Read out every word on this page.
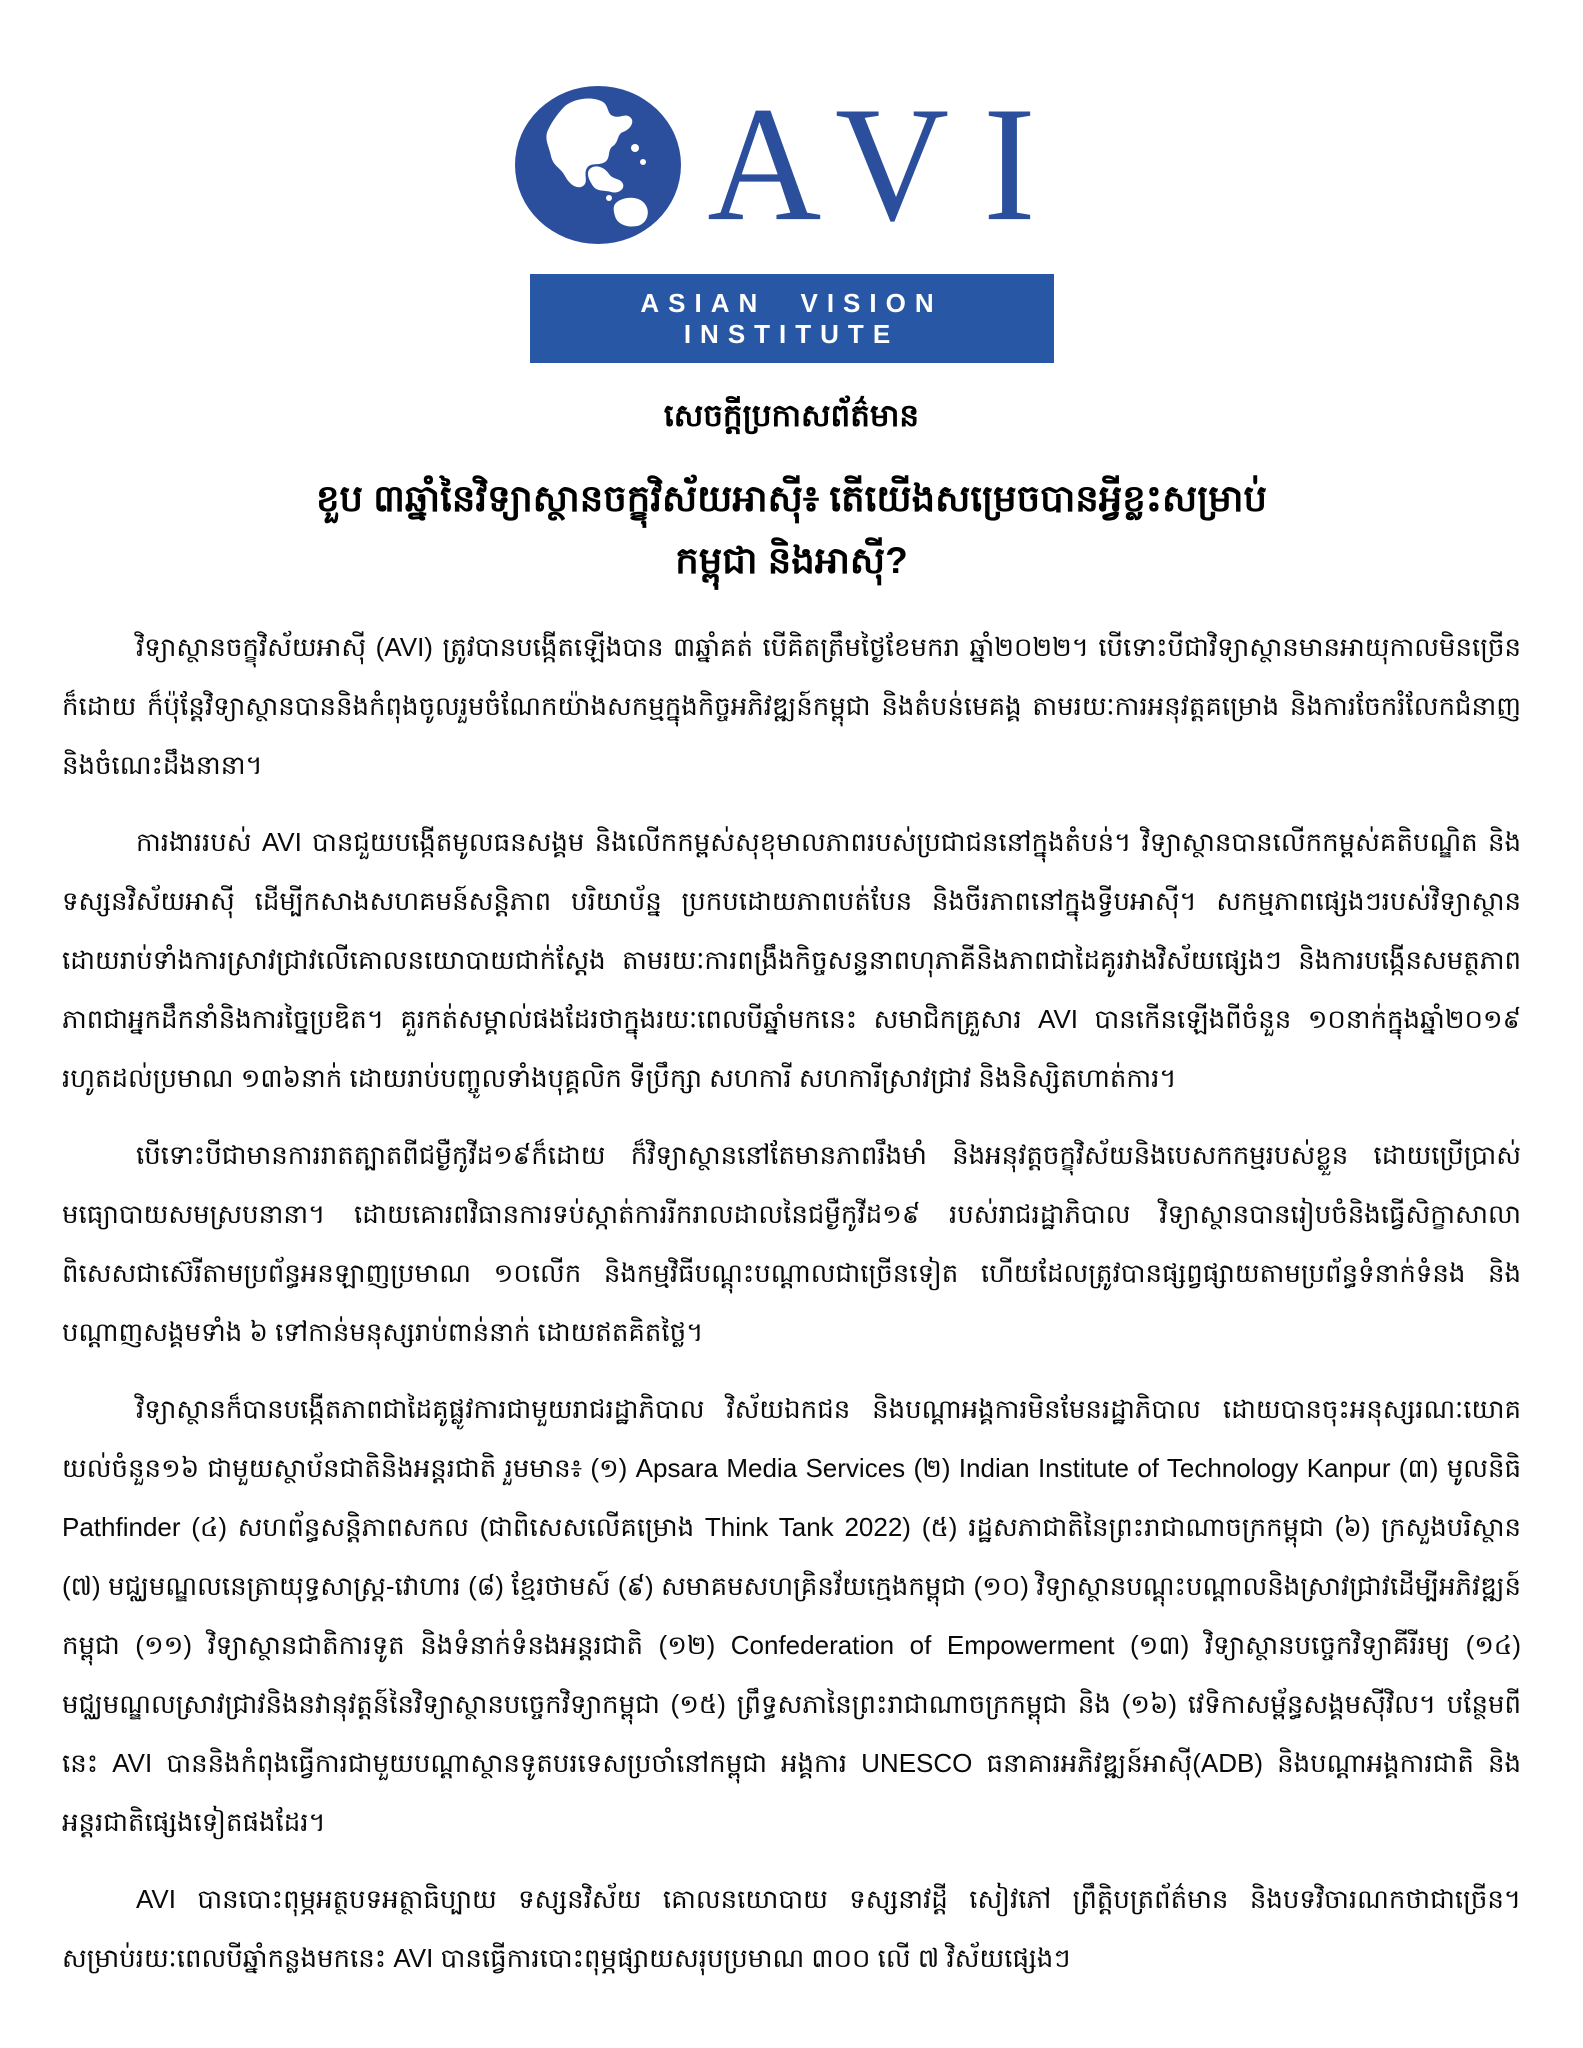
AVI
ASIAN VISION INSTITUTE
សេចក្តីប្រកាសព័ត៌មាន
ខួប ៣ឆ្នាំនៃវិទ្យាស្ថានចក្ខុវិស័យអាស៊ី៖ តើយើងសម្រេចបានអ្វីខ្លះសម្រាប់
កម្ពុជា និងអាស៊ី?

វិទ្យាស្ថានចក្ខុវិស័យអាស៊ី (AVI) ត្រូវបានបង្កើតឡើងបាន ៣ឆ្នាំគត់ បើគិតត្រឹមថ្ងៃខែមករា ឆ្នាំ២០២២។ បើទោះបីជាវិទ្យាស្ថានមានអាយុកាលមិនច្រើនក៏ដោយ ក៏ប៉ុន្តែវិទ្យាស្ថានបាននិងកំពុងចូលរួមចំណែកយ៉ាងសកម្មក្នុងកិច្ចអភិវឌ្ឍន៍កម្ពុជា និងតំបន់មេគង្គ តាមរយៈការអនុវត្តគម្រោង និងការចែករំលែកជំនាញនិងចំណេះដឹងនានា។

ការងាររបស់ AVI បានជួយបង្កើតមូលធនសង្គម និងលើកកម្ពស់សុខុមាលភាពរបស់ប្រជាជននៅក្នុងតំបន់។ វិទ្យាស្ថានបានលើកកម្ពស់គតិបណ្ឌិត និងទស្សនវិស័យអាស៊ី ដើម្បីកសាងសហគមន៍សន្តិភាព បរិយាប័ន្ន ប្រកបដោយភាពបត់បែន និងចីរភាពនៅក្នុងទ្វីបអាស៊ី។ សកម្មភាពផ្សេងៗរបស់វិទ្យាស្ថាន ដោយរាប់ទាំងការស្រាវជ្រាវលើគោលនយោបាយជាក់ស្តែង តាមរយៈការពង្រឹងកិច្ចសន្ទនាពហុភាគីនិងភាពជាដៃគូរវាងវិស័យផ្សេងៗ និងការបង្កើនសមត្ថភាពភាពជាអ្នកដឹកនាំនិងការច្នៃប្រឌិត។ គួរកត់សម្គាល់ផងដែរថាក្នុងរយៈពេលបីឆ្នាំមកនេះ សមាជិកគ្រួសារ AVI បានកើនឡើងពីចំនួន ១០នាក់ក្នុងឆ្នាំ២០១៩ រហូតដល់ប្រមាណ ១៣៦នាក់ ដោយរាប់បញ្ចូលទាំងបុគ្គលិក ទីប្រឹក្សា សហការី សហការីស្រាវជ្រាវ និងនិស្សិតហាត់ការ។

បើទោះបីជាមានការរាតត្បាតពីជម្ងឺកូវីដ១៩ក៏ដោយ ក៏វិទ្យាស្ថាននៅតែមានភាពរឹងមាំ និងអនុវត្តចក្ខុវិស័យនិងបេសកកម្មរបស់ខ្លួន ដោយប្រើប្រាស់មធ្យោបាយសមស្របនានា។ ដោយគោរពវិធានការទប់ស្កាត់ការរីករាលដាលនៃជម្ងឺកូវីដ១៩ របស់រាជរដ្ឋាភិបាល វិទ្យាស្ថានបានរៀបចំនិងធ្វើសិក្ខាសាលាពិសេសជាស៊េរីតាមប្រព័ន្ធអនឡាញប្រមាណ ១០លើក និងកម្មវិធីបណ្តុះបណ្តាលជាច្រើនទៀត ហើយដែលត្រូវបានផ្សព្វផ្សាយតាមប្រព័ន្ធទំនាក់ទំនង និងបណ្តាញសង្គមទាំង ៦ ទៅកាន់មនុស្សរាប់ពាន់នាក់ ដោយឥតគិតថ្លៃ។

វិទ្យាស្ថានក៏បានបង្កើតភាពជាដៃគូផ្លូវការជាមួយរាជរដ្ឋាភិបាល វិស័យឯកជន និងបណ្តាអង្គការមិនមែនរដ្ឋាភិបាល ដោយបានចុះអនុស្សរណៈយោគយល់ចំនួន១៦ ជាមួយស្ថាប័នជាតិនិងអន្តរជាតិ រួមមាន៖ (១) Apsara Media Services (២) Indian Institute of Technology Kanpur (៣) មូលនិធិ Pathfinder (៤) សហព័ន្ធសន្តិភាពសកល (ជាពិសេសលើគម្រោង Think Tank 2022) (៥) រដ្ឋសភាជាតិនៃព្រះរាជាណាចក្រកម្ពុជា (៦) ក្រសួងបរិស្ថាន (៧) មជ្ឈមណ្ឌលនេត្រាយុទ្ធសាស្ត្រ-វោហារ (៨) ខ្មែរថាមស៍ (៩) សមាគមសហគ្រិនវ័យក្មេងកម្ពុជា (១០) វិទ្យាស្ថានបណ្តុះបណ្តាលនិងស្រាវជ្រាវដើម្បីអភិវឌ្ឍន៍កម្ពុជា (១១) វិទ្យាស្ថានជាតិការទូត និងទំនាក់ទំនងអន្តរជាតិ (១២) Confederation of Empowerment (១៣) វិទ្យាស្ថានបច្ចេកវិទ្យាគីរីរម្យ (១៤) មជ្ឈមណ្ឌលស្រាវជ្រាវនិងនវានុវត្តន៍នៃវិទ្យាស្ថានបច្ចេកវិទ្យាកម្ពុជា (១៥) ព្រឹទ្ធសភានៃព្រះរាជាណាចក្រកម្ពុជា និង (១៦) វេទិកាសម្ព័ន្ធសង្គមស៊ីវិល។ បន្ថែមពីនេះ AVI បាននិងកំពុងធ្វើការជាមួយបណ្តាស្ថានទូតបរទេសប្រចាំនៅកម្ពុជា អង្គការ UNESCO ធនាគារអភិវឌ្ឍន៍អាស៊ី(ADB) និងបណ្តាអង្គការជាតិ និងអន្តរជាតិផ្សេងទៀតផងដែរ។

AVI បានបោះពុម្ភអត្ថបទអត្ថាធិប្បាយ ទស្សនវិស័យ គោលនយោបាយ ទស្សនាវដ្ដី សៀវភៅ ព្រឹត្តិបត្រព័ត៌មាន និងបទវិចារណកថាជាច្រើន។ សម្រាប់រយៈពេលបីឆ្នាំកន្លងមកនេះ AVI បានធ្វើការបោះពុម្ភផ្សាយសរុបប្រមាណ ៣០០ លើ ៧ វិស័យផ្សេងៗ
